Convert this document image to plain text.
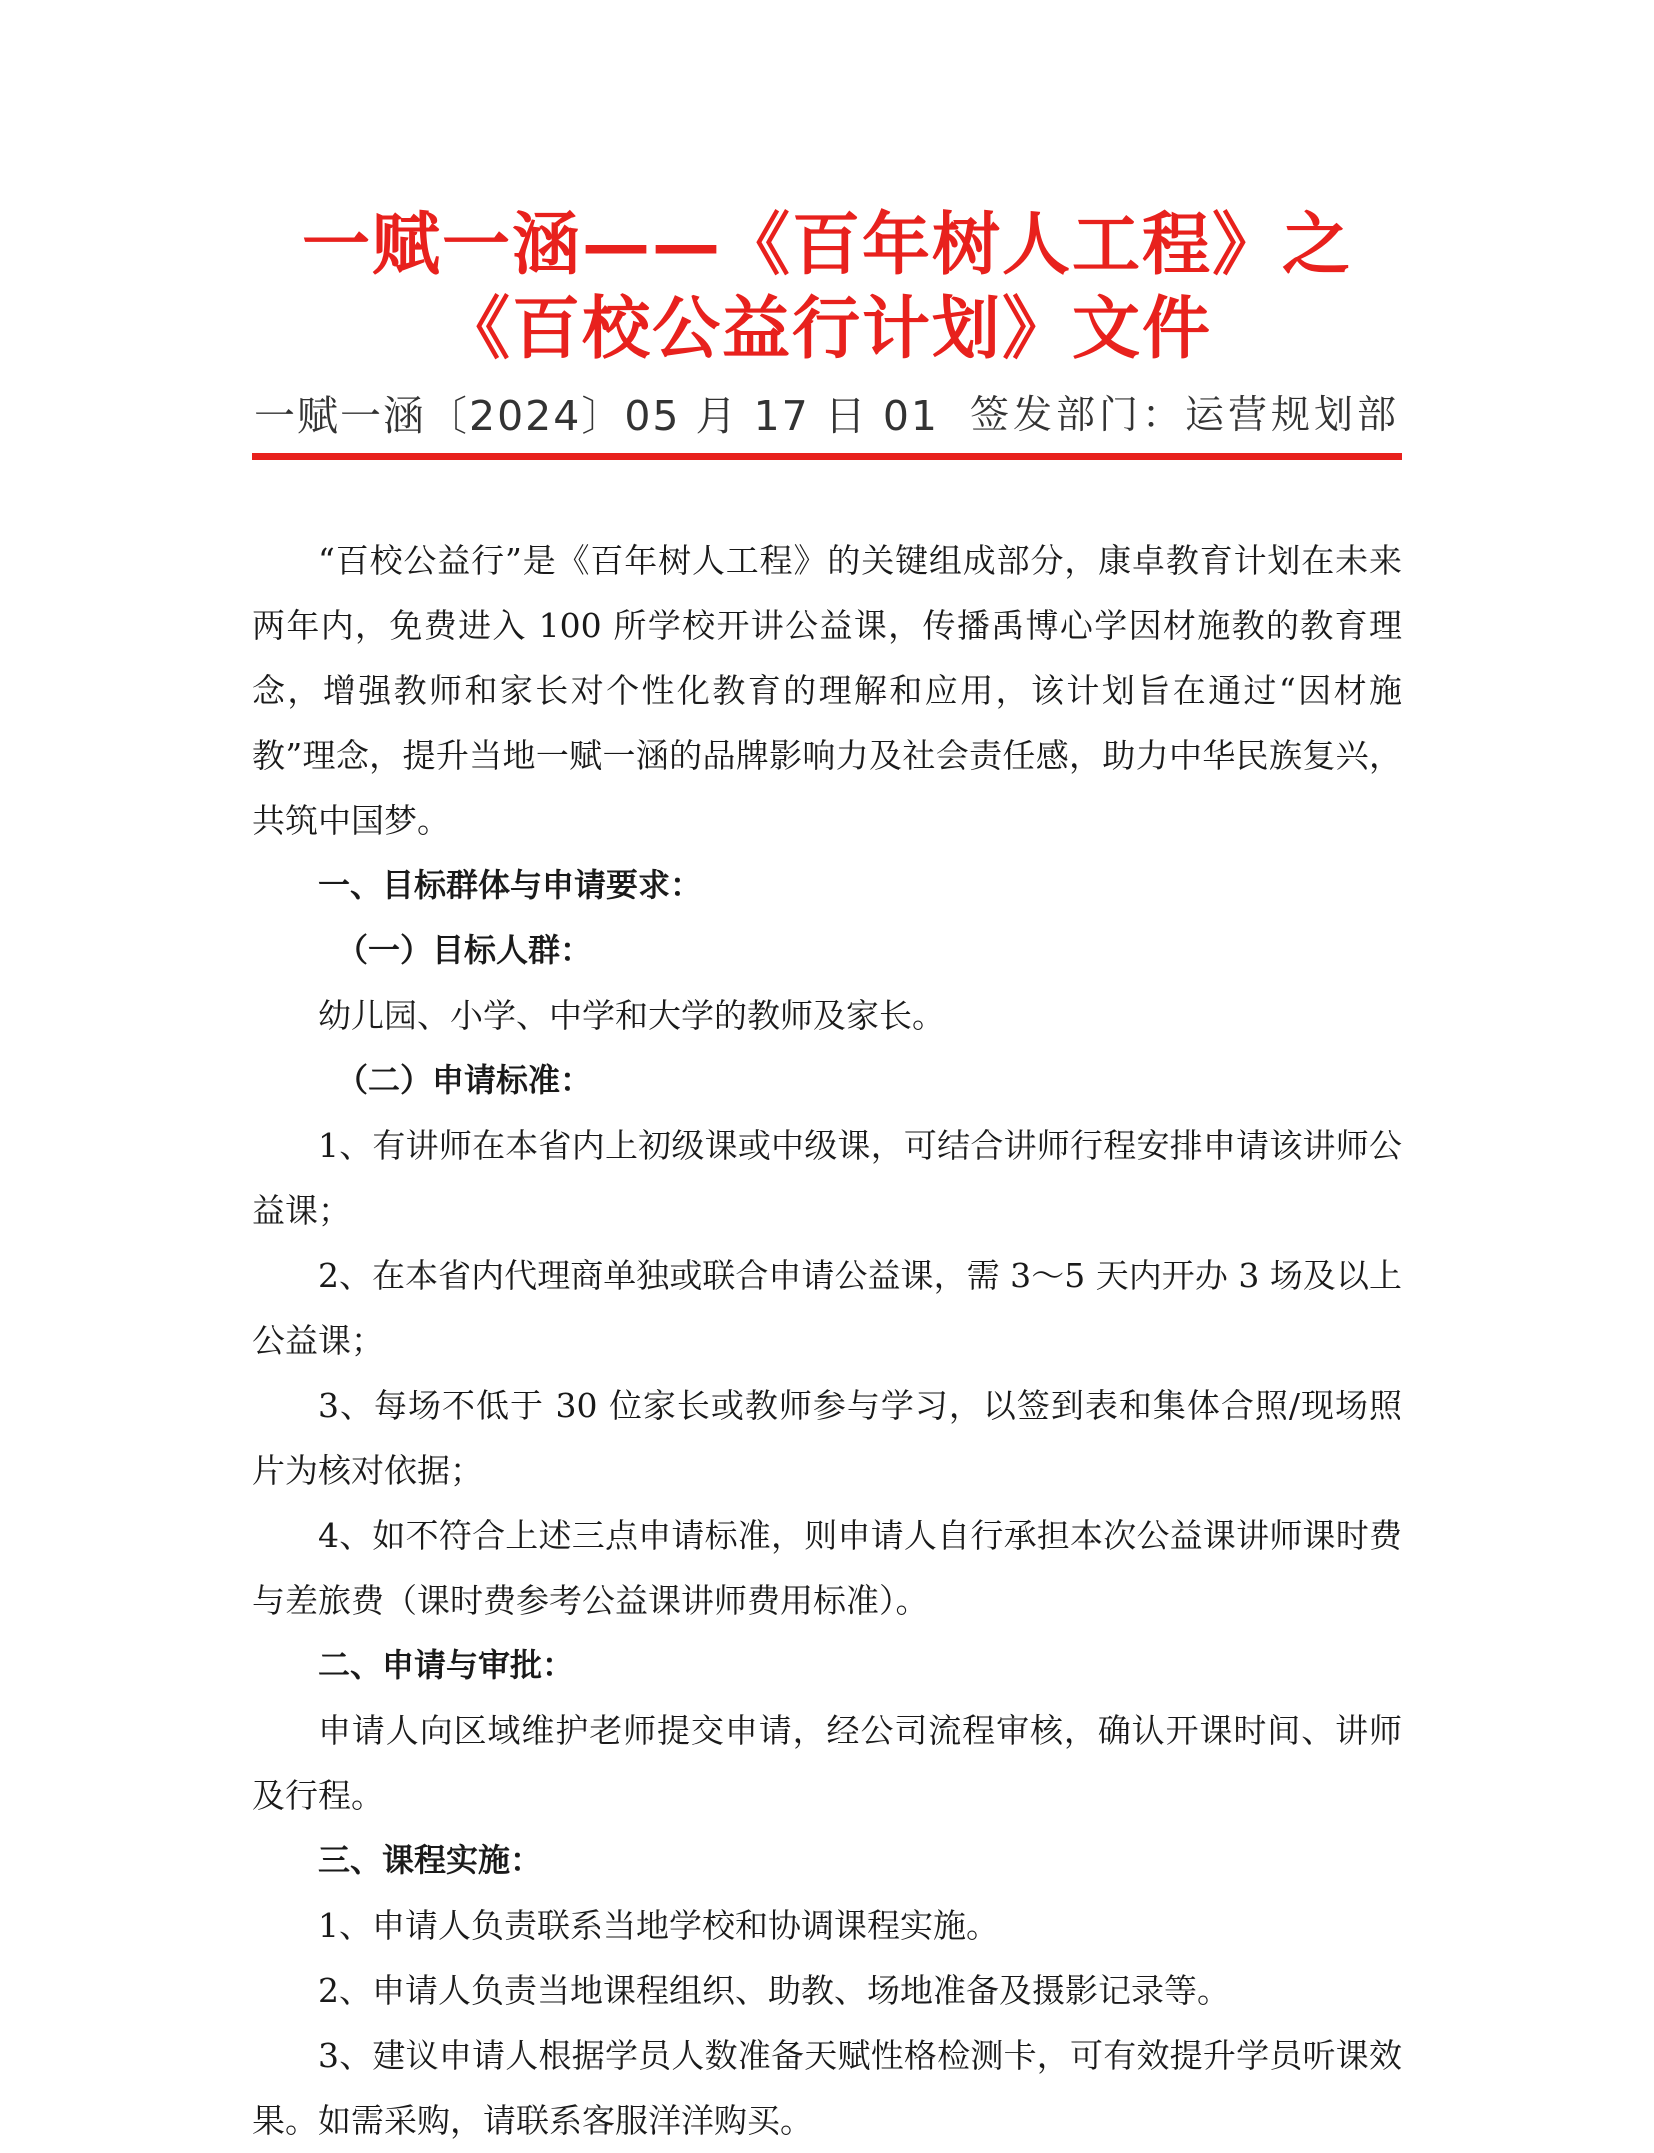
一赋一涵——《百年树人工程》之
《百校公益行计划》文件
一赋一涵〔2024〕05 月 17 日 01 签发部门：运营规划部

“百校公益行”是《百年树人工程》的关键组成部分，康卓教育计划在未来两年内，免费进入 100 所学校开讲公益课，传播禹博心学因材施教的教育理念，增强教师和家长对个性化教育的理解和应用，该计划旨在通过“因材施教”理念，提升当地一赋一涵的品牌影响力及社会责任感，助力中华民族复兴，共筑中国梦。

一、目标群体与申请要求：

（一）目标人群：

幼儿园、小学、中学和大学的教师及家长。

（二）申请标准：

1、有讲师在本省内上初级课或中级课，可结合讲师行程安排申请该讲师公益课；

2、在本省内代理商单独或联合申请公益课，需 3～5 天内开办 3 场及以上公益课；

3、每场不低于 30 位家长或教师参与学习，以签到表和集体合照/现场照片为核对依据；

4、如不符合上述三点申请标准，则申请人自行承担本次公益课讲师课时费与差旅费（课时费参考公益课讲师费用标准）。

二、申请与审批：

申请人向区域维护老师提交申请，经公司流程审核，确认开课时间、讲师及行程。

三、课程实施：

1、申请人负责联系当地学校和协调课程实施。

2、申请人负责当地课程组织、助教、场地准备及摄影记录等。

3、建议申请人根据学员人数准备天赋性格检测卡，可有效提升学员听课效果。如需采购，请联系客服洋洋购买。
